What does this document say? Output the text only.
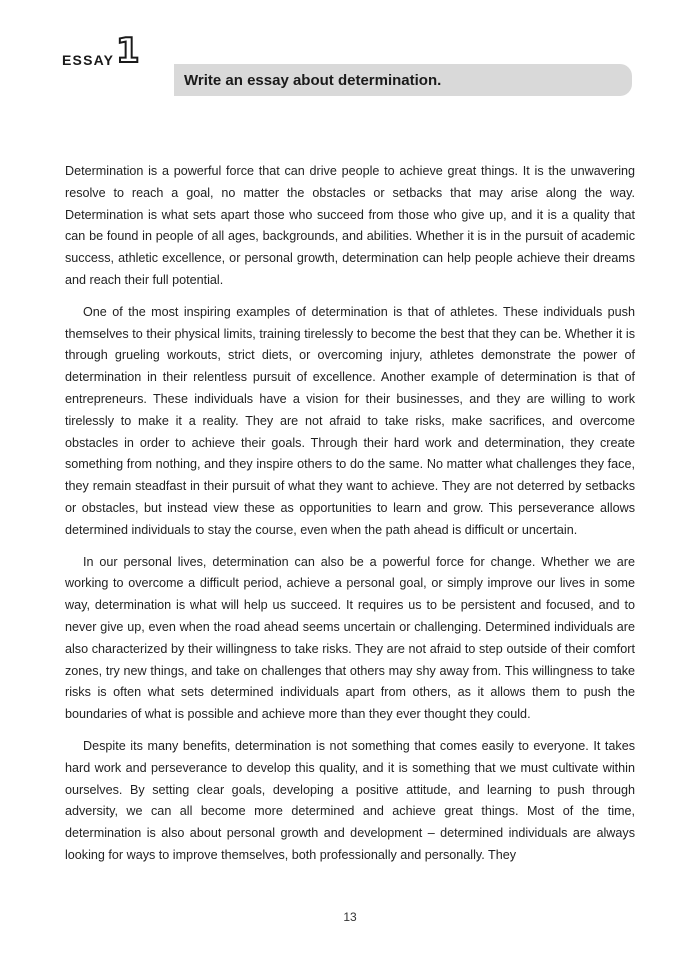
ESSAY 1
Write an essay about determination.

Determination is a powerful force that can drive people to achieve great things. It is the unwavering resolve to reach a goal, no matter the obstacles or setbacks that may arise along the way. Determination is what sets apart those who succeed from those who give up, and it is a quality that can be found in people of all ages, backgrounds, and abilities. Whether it is in the pursuit of academic success, athletic excellence, or personal growth, determination can help people achieve their dreams and reach their full potential.

One of the most inspiring examples of determination is that of athletes. These individuals push themselves to their physical limits, training tirelessly to become the best that they can be. Whether it is through grueling workouts, strict diets, or overcoming injury, athletes demonstrate the power of determination in their relentless pursuit of excellence. Another example of determination is that of entrepreneurs. These individuals have a vision for their businesses, and they are willing to work tirelessly to make it a reality. They are not afraid to take risks, make sacrifices, and overcome obstacles in order to achieve their goals. Through their hard work and determination, they create something from nothing, and they inspire others to do the same. No matter what challenges they face, they remain steadfast in their pursuit of what they want to achieve. They are not deterred by setbacks or obstacles, but instead view these as opportunities to learn and grow. This perseverance allows determined individuals to stay the course, even when the path ahead is difficult or uncertain.

In our personal lives, determination can also be a powerful force for change. Whether we are working to overcome a difficult period, achieve a personal goal, or simply improve our lives in some way, determination is what will help us succeed. It requires us to be persistent and focused, and to never give up, even when the road ahead seems uncertain or challenging. Determined individuals are also characterized by their willingness to take risks. They are not afraid to step outside of their comfort zones, try new things, and take on challenges that others may shy away from. This willingness to take risks is often what sets determined individuals apart from others, as it allows them to push the boundaries of what is possible and achieve more than they ever thought they could.

Despite its many benefits, determination is not something that comes easily to everyone. It takes hard work and perseverance to develop this quality, and it is something that we must cultivate within ourselves. By setting clear goals, developing a positive attitude, and learning to push through adversity, we can all become more determined and achieve great things. Most of the time, determination is also about personal growth and development – determined individuals are always looking for ways to improve themselves, both professionally and personally. They

13
